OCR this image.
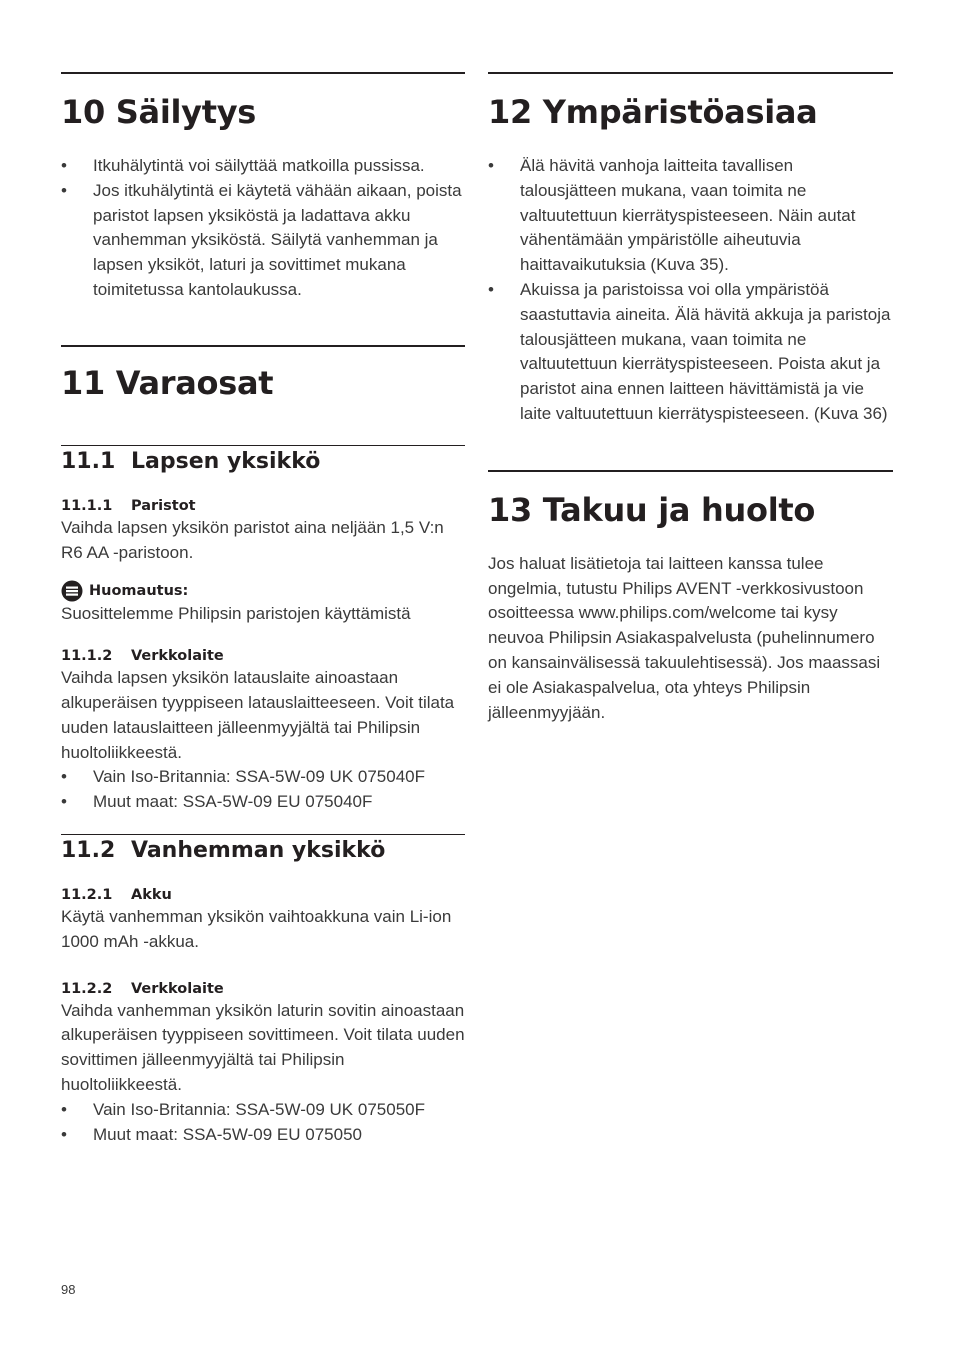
10 Säilytys
• Itkuhälytintä voi säilyttää matkoilla pussissa.
• Jos itkuhälytintä ei käytetä vähään aikaan, poista paristot lapsen yksiköstä ja ladattava akku vanhemman yksiköstä. Säilytä vanhemman ja lapsen yksiköt, laturi ja sovittimet mukana toimitetussa kantolaukussa.
11 Varaosat
11.1 Lapsen yksikkö
11.1.1 Paristot

Vaihda lapsen yksikön paristot aina neljään 1,5 V:n R6 AA -paristoon.

Huomautus:

Suosittelemme Philipsin paristojen käyttämistä

11.1.2 Verkkolaite

Vaihda lapsen yksikön latauslaite ainoastaan alkuperäisen tyyppiseen latauslaitteeseen. Voit tilata uuden latauslaitteen jälleenmyyjältä tai Philipsin huoltoliikkeestä.

• Vain Iso-Britannia: SSA-5W-09 UK 075040F
• Muut maat: SSA-5W-09 EU 075040F
11.2 Vanhemman yksikkö
11.2.1 Akku

Käytä vanhemman yksikön vaihtoakkuna vain Li-ion 1000 mAh -akkua.

11.2.2 Verkkolaite

Vaihda vanhemman yksikön laturin sovitin ainoastaan alkuperäisen tyyppiseen sovittimeen. Voit tilata uuden sovittimen jälleenmyyjältä tai Philipsin huoltoliikkeestä.

• Vain Iso-Britannia: SSA-5W-09 UK 075050F
• Muut maat: SSA-5W-09 EU 075050
12 Ympäristöasiaa
• Älä hävitä vanhoja laitteita tavallisen talousjätteen mukana, vaan toimita ne valtuutettuun kierrätyspisteeseen. Näin autat vähentämään ympäristölle aiheutuvia haittavaikutuksia (Kuva 35).
• Akuissa ja paristoissa voi olla ympäristöä saastuttavia aineita. Älä hävitä akkuja ja paristoja talousjätteen mukana, vaan toimita ne valtuutettuun kierrätyspisteeseen. Poista akut ja paristot aina ennen laitteen hävittämistä ja vie laite valtuutettuun kierrätyspisteeseen. (Kuva 36)
13 Takuu ja huolto

Jos haluat lisätietoja tai laitteen kanssa tulee ongelmia, tutustu Philips AVENT -verkkosivustoon osoitteessa www.philips.com/welcome tai kysy neuvoa Philipsin Asiakaspalvelusta (puhelinnumero on kansainvälisessä takuulehtisessä). Jos maassasi ei ole Asiakaspalvelua, ota yhteys Philipsin jälleenmyyjään.

98
